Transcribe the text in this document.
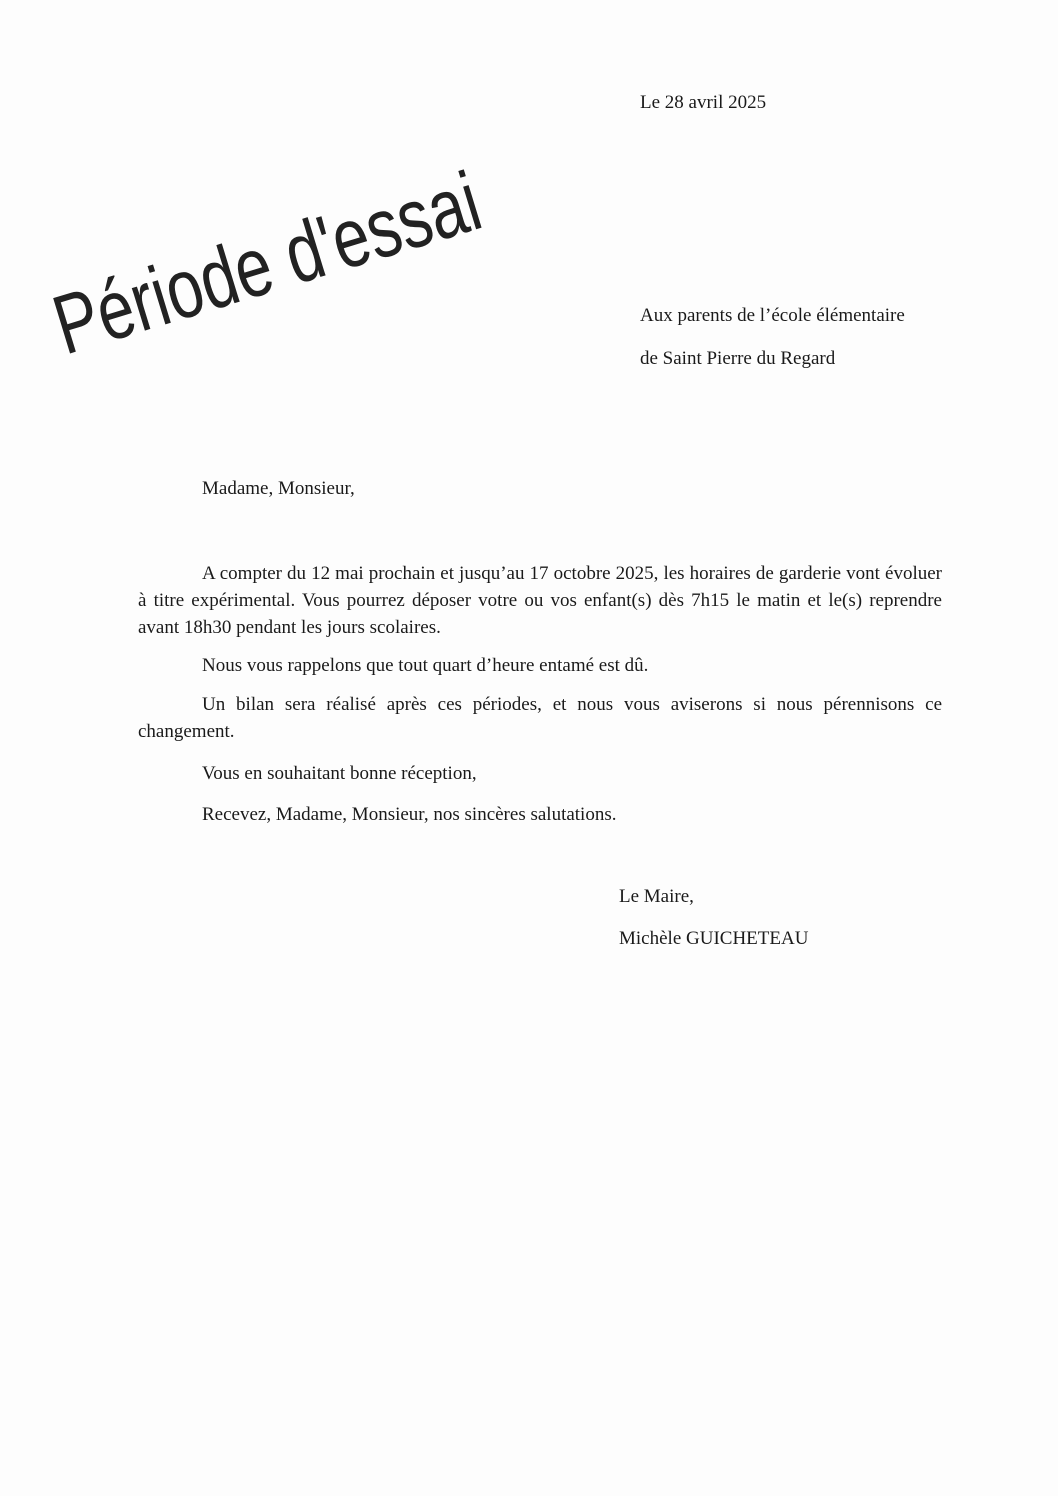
Période d'essai
Le 28 avril 2025
Aux parents de l’école élémentaire
de Saint Pierre du Regard
Madame, Monsieur,

A compter du 12 mai prochain et jusqu’au 17 octobre 2025, les horaires de garderie vont évoluer à titre expérimental. Vous pourrez déposer votre ou vos enfant(s) dès 7h15 le matin et le(s) reprendre avant 18h30 pendant les jours scolaires.

Nous vous rappelons que tout quart d’heure entamé est dû.

Un bilan sera réalisé après ces périodes, et nous vous aviserons si nous pérennisons ce changement.

Vous en souhaitant bonne réception,

Recevez, Madame, Monsieur, nos sincères salutations.

Le Maire,
Michèle GUICHETEAU
